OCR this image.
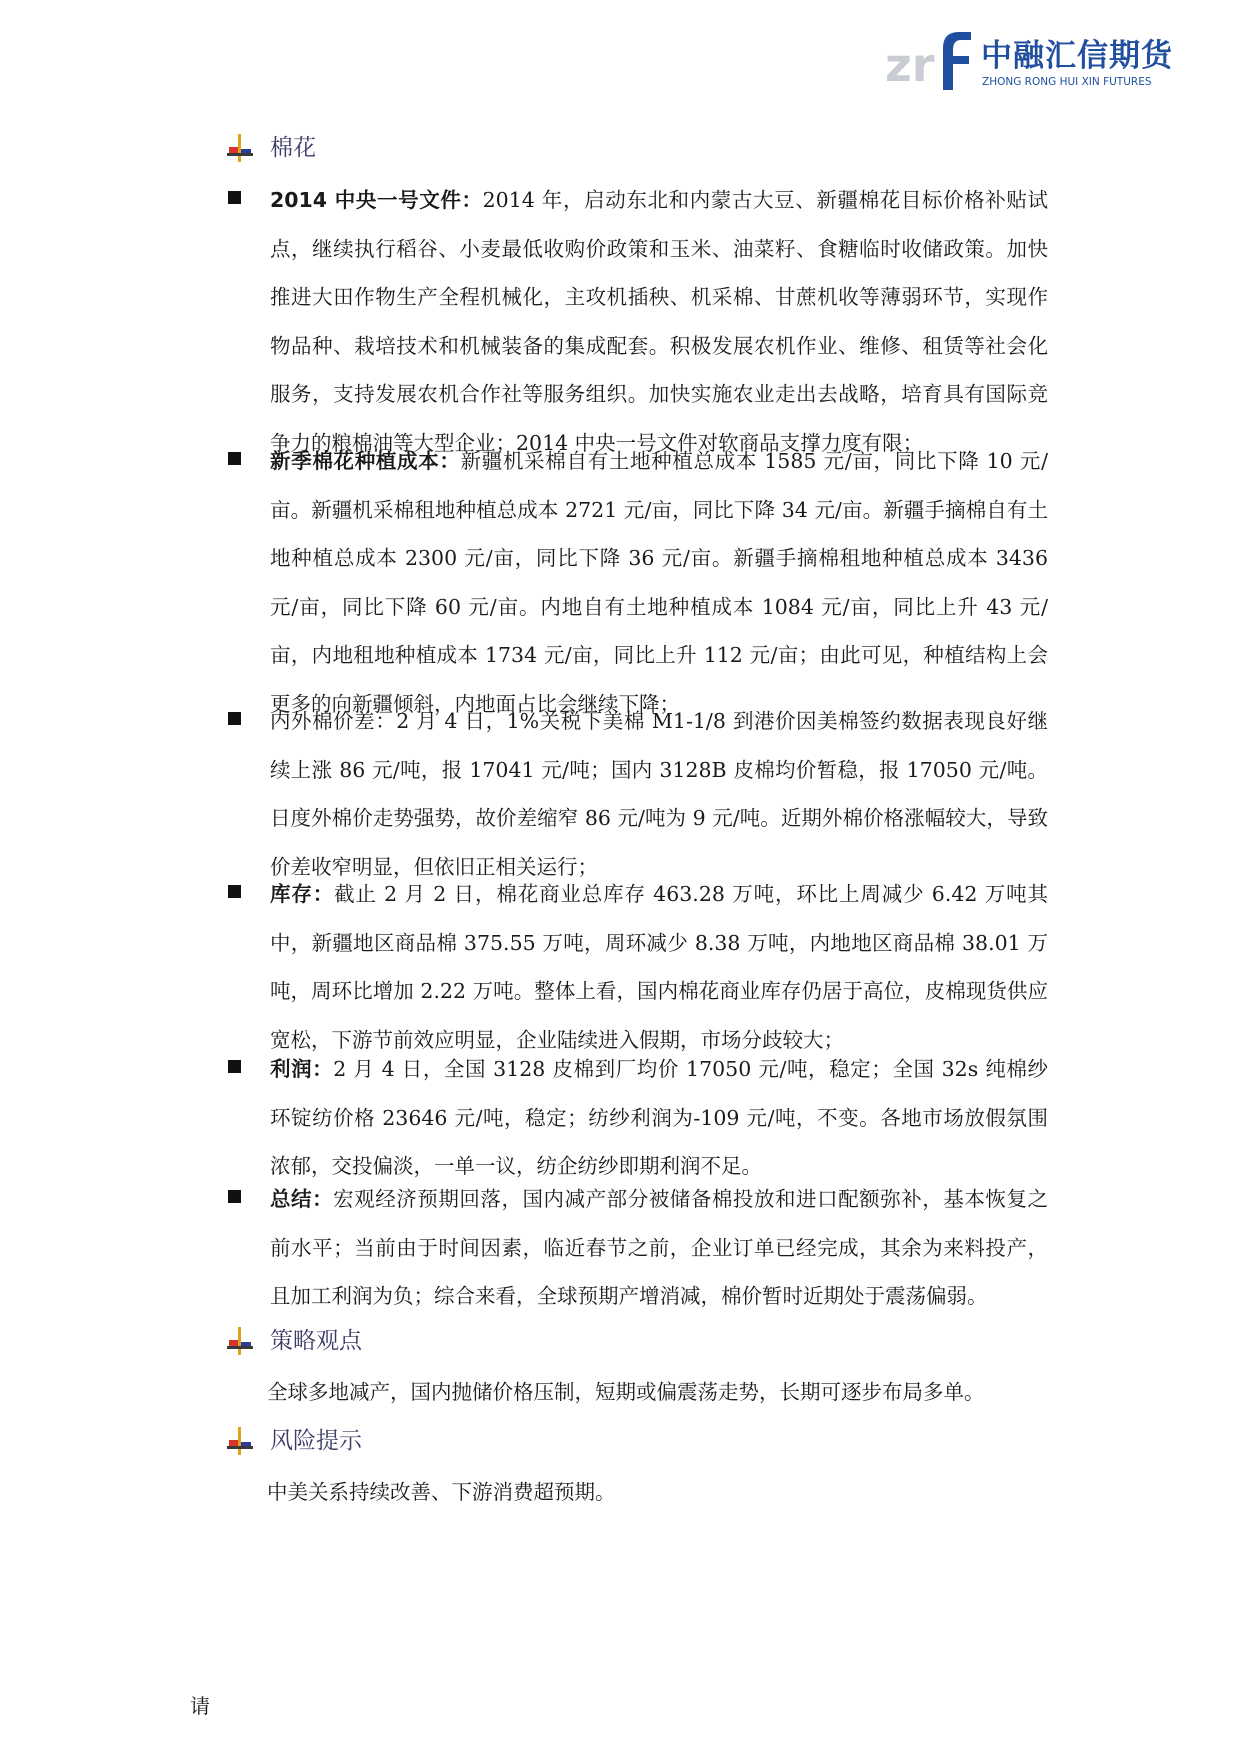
zr 中融汇信期货
ZHONG RONG HUI XIN FUTURES
棉花
2014 中央一号文件：2014 年，启动东北和内蒙古大豆、新疆棉花目标价格补贴试点，继续执行稻谷、小麦最低收购价政策和玉米、油菜籽、食糖临时收储政策。加快推进大田作物生产全程机械化，主攻机插秧、机采棉、甘蔗机收等薄弱环节，实现作物品种、栽培技术和机械装备的集成配套。积极发展农机作业、维修、租赁等社会化服务，支持发展农机合作社等服务组织。加快实施农业走出去战略，培育具有国际竞争力的粮棉油等大型企业；2014 中央一号文件对软商品支撑力度有限；
新季棉花种植成本：新疆机采棉自有土地种植总成本 1585 元/亩，同比下降 10 元/亩。新疆机采棉租地种植总成本 2721 元/亩，同比下降 34 元/亩。新疆手摘棉自有土地种植总成本 2300 元/亩，同比下降 36 元/亩。新疆手摘棉租地种植总成本 3436 元/亩，同比下降 60 元/亩。内地自有土地种植成本 1084 元/亩，同比上升 43 元/亩，内地租地种植成本 1734 元/亩，同比上升 112 元/亩；由此可见，种植结构上会更多的向新疆倾斜，内地面占比会继续下降；
内外棉价差：2 月 4 日，1%关税下美棉 M1-1/8 到港价因美棉签约数据表现良好继续上涨 86 元/吨，报 17041 元/吨；国内 3128B 皮棉均价暂稳，报 17050 元/吨。日度外棉价走势强势，故价差缩窄 86 元/吨为 9 元/吨。近期外棉价格涨幅较大，导致价差收窄明显，但依旧正相关运行；
库存：截止 2 月 2 日，棉花商业总库存 463.28 万吨，环比上周减少 6.42 万吨其中，新疆地区商品棉 375.55 万吨，周环减少 8.38 万吨，内地地区商品棉 38.01 万吨，周环比增加 2.22 万吨。整体上看，国内棉花商业库存仍居于高位，皮棉现货供应宽松，下游节前效应明显，企业陆续进入假期，市场分歧较大；
利润：2 月 4 日，全国 3128 皮棉到厂均价 17050 元/吨，稳定；全国 32s 纯棉纱环锭纺价格 23646 元/吨，稳定；纺纱利润为-109 元/吨，不变。各地市场放假氛围浓郁，交投偏淡，一单一议，纺企纺纱即期利润不足。
总结：宏观经济预期回落，国内减产部分被储备棉投放和进口配额弥补，基本恢复之前水平；当前由于时间因素，临近春节之前，企业订单已经完成，其余为来料投产，且加工利润为负；综合来看，全球预期产增消减，棉价暂时近期处于震荡偏弱。
策略观点
全球多地减产，国内抛储价格压制，短期或偏震荡走势，长期可逐步布局多单。
风险提示
中美关系持续改善、下游消费超预期。
请
